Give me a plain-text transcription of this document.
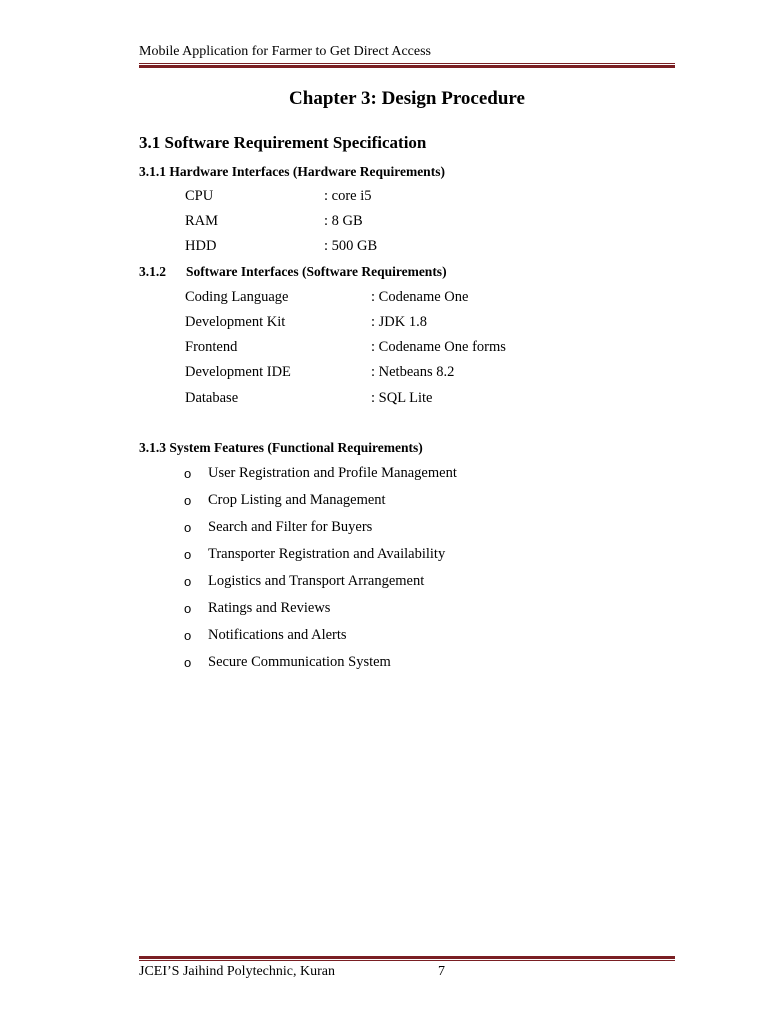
Mobile Application for Farmer to Get Direct Access
Chapter 3: Design Procedure
3.1 Software Requirement Specification
3.1.1 Hardware Interfaces (Hardware Requirements)
CPU	: core i5
RAM	: 8 GB
HDD	: 500 GB
3.1.2 Software Interfaces (Software Requirements)
Coding Language	: Codename One
Development Kit	: JDK 1.8
Frontend	: Codename One forms
Development IDE	: Netbeans 8.2
Database	: SQL Lite
3.1.3 System Features (Functional Requirements)
o User Registration and Profile Management
o Crop Listing and Management
o Search and Filter for Buyers
o Transporter Registration and Availability
o Logistics and Transport Arrangement
o Ratings and Reviews
o Notifications and Alerts
o Secure Communication System
JCEI’S Jaihind Polytechnic, Kuran	7
